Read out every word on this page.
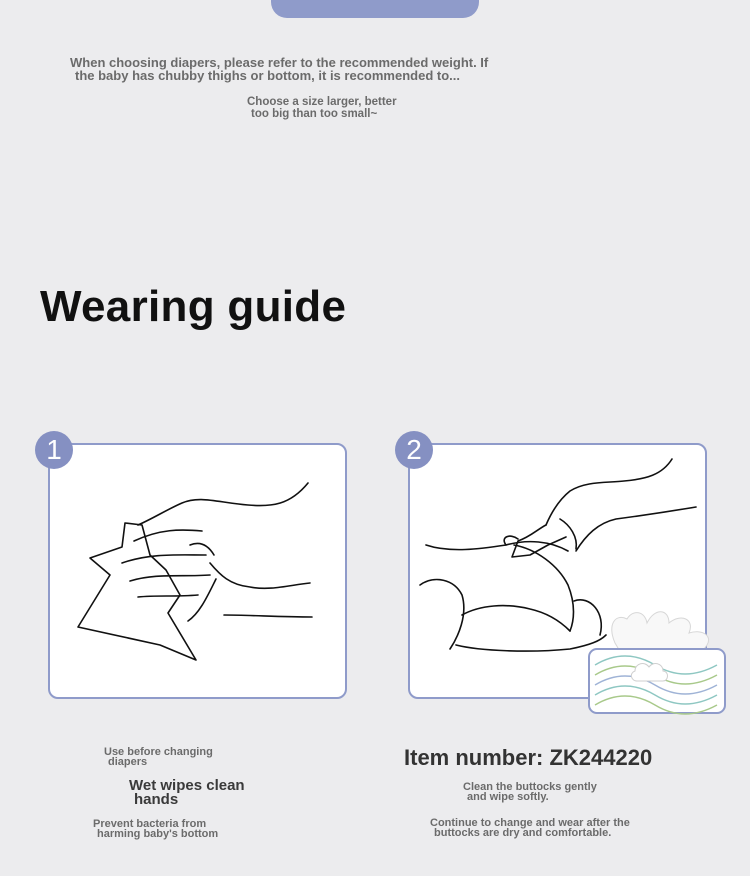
When choosing diapers, please refer to the recommended weight. If
the baby has chubby thighs or bottom, it is recommended to...
Choose a size larger, better
too big than too small~
Wearing guide
1	2
Use before changing
diapers
Wet wipes clean
hands
Prevent bacteria from
harming baby's bottom
Item number: ZK244220
Clean the buttocks gently
and wipe softly.
Continue to change and wear after the
buttocks are dry and comfortable.
